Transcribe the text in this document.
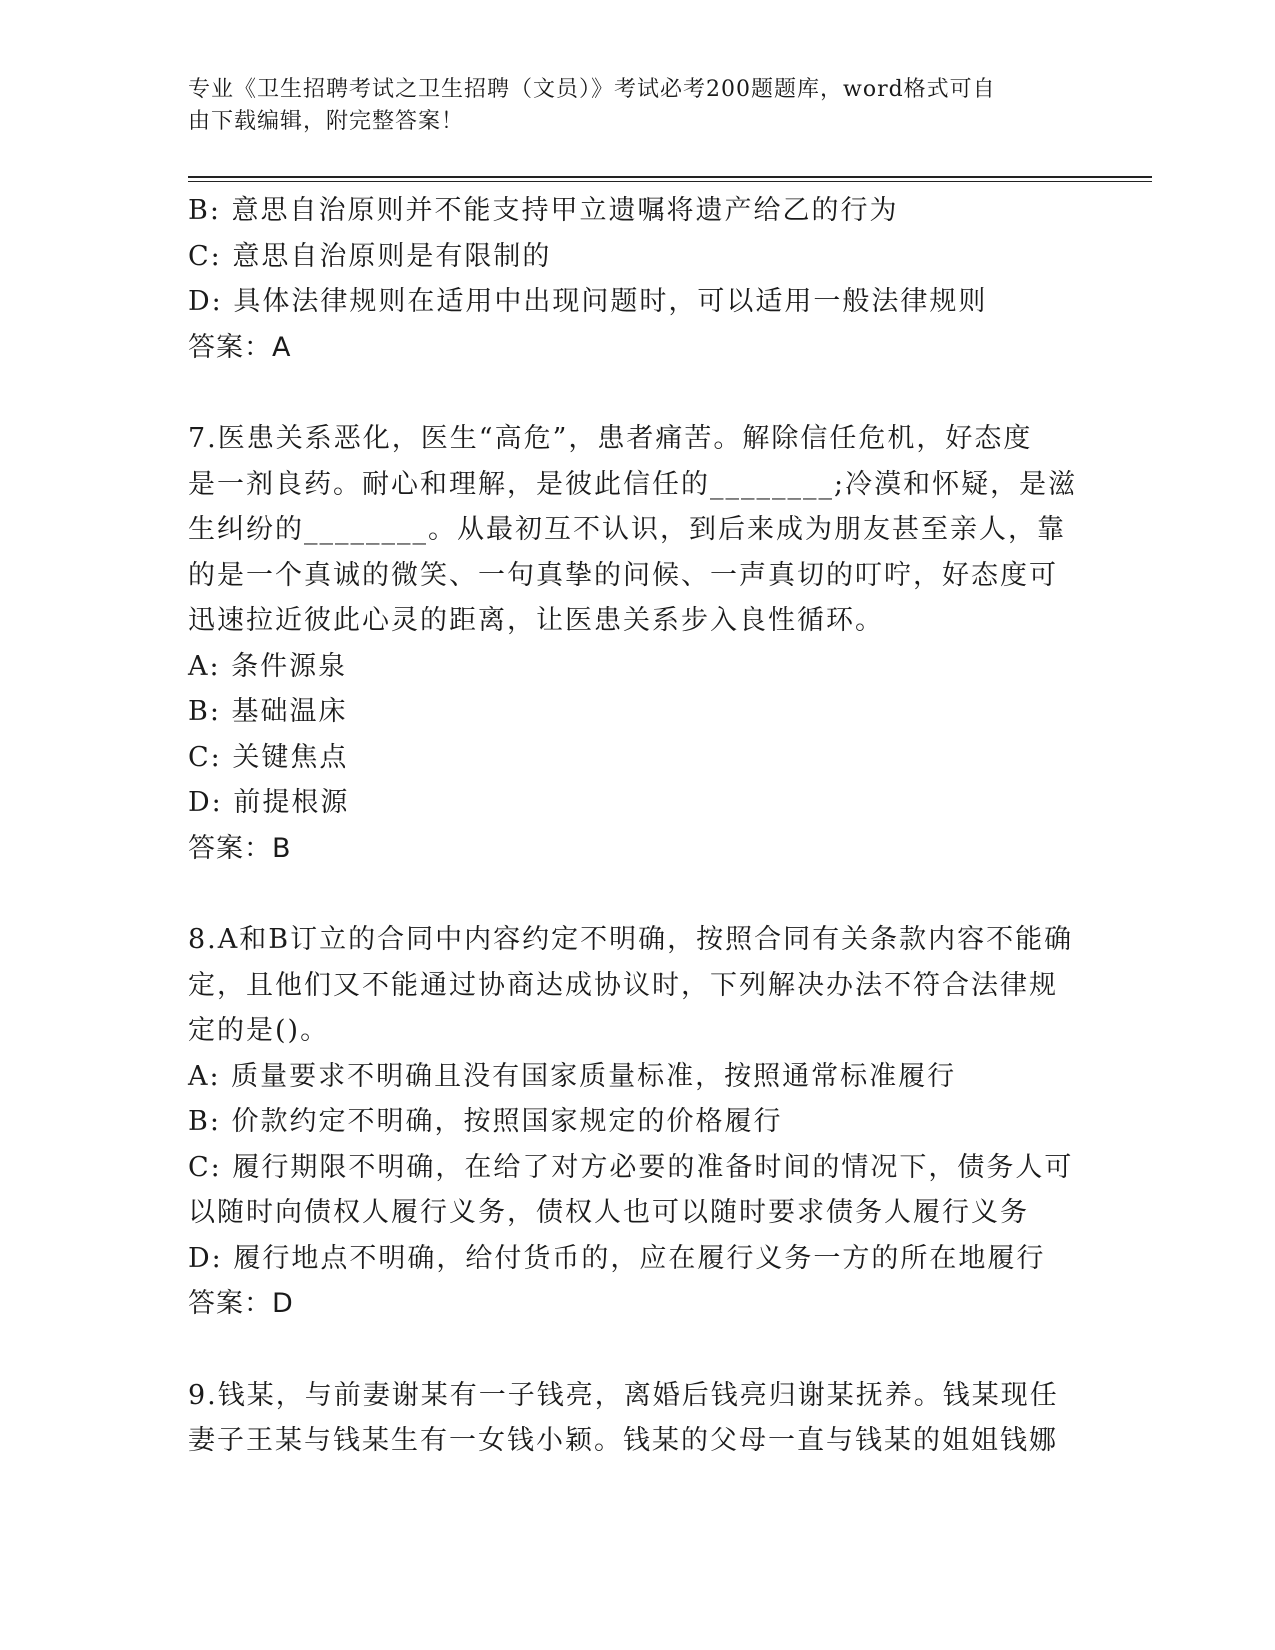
专业《卫生招聘考试之卫生招聘（文员）》考试必考200题题库，word格式可自
由下载编辑，附完整答案！
B: 意思自治原则并不能支持甲立遗嘱将遗产给乙的行为
C: 意思自治原则是有限制的
D: 具体法律规则在适用中出现问题时，可以适用一般法律规则
答案：A
7.医患关系恶化，医生“高危”，患者痛苦。解除信任危机，好态度
是一剂良药。耐心和理解，是彼此信任的________;冷漠和怀疑，是滋
生纠纷的________。从最初互不认识，到后来成为朋友甚至亲人，靠
的是一个真诚的微笑、一句真挚的问候、一声真切的叮咛，好态度可
迅速拉近彼此心灵的距离，让医患关系步入良性循环。
A: 条件源泉
B: 基础温床
C: 关键焦点
D: 前提根源
答案：B
8.A和B订立的合同中内容约定不明确，按照合同有关条款内容不能确
定，且他们又不能通过协商达成协议时，下列解决办法不符合法律规
定的是()。
A: 质量要求不明确且没有国家质量标准，按照通常标准履行
B: 价款约定不明确，按照国家规定的价格履行
C: 履行期限不明确，在给了对方必要的准备时间的情况下，债务人可
以随时向债权人履行义务，债权人也可以随时要求债务人履行义务
D: 履行地点不明确，给付货币的，应在履行义务一方的所在地履行
答案：D
9.钱某，与前妻谢某有一子钱亮，离婚后钱亮归谢某抚养。钱某现任
妻子王某与钱某生有一女钱小颖。钱某的父母一直与钱某的姐姐钱娜
